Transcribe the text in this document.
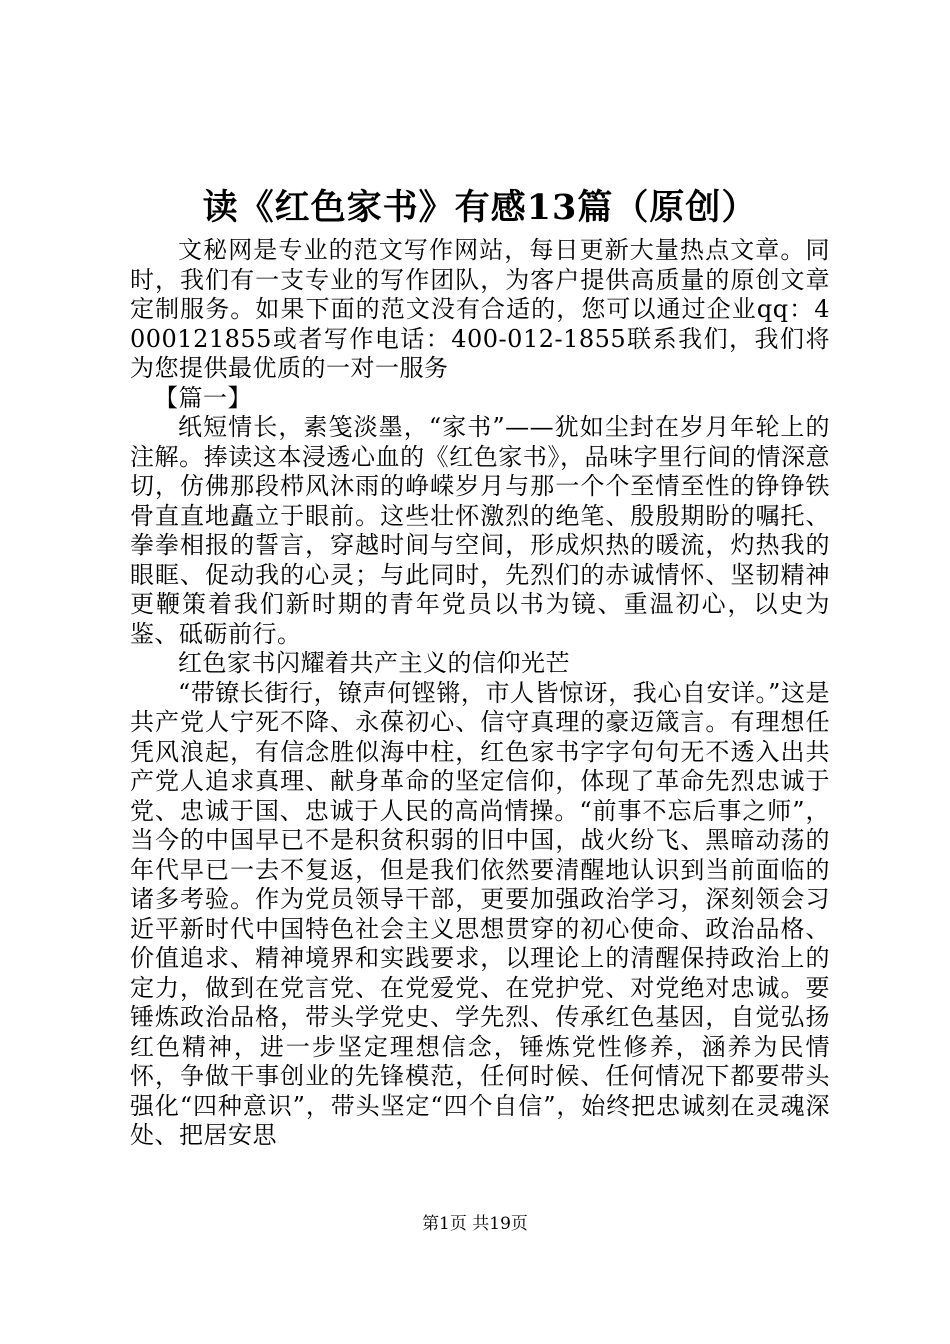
读《红色家书》有感13篇（原创）

文秘网是专业的范文写作网站，每日更新大量热点文章。同时，我们有一支专业的写作团队，为客户提供高质量的原创文章定制服务。如果下面的范文没有合适的，您可以通过企业qq：4000121855或者写作电话：400-012-1855联系我们，我们将为您提供最优质的一对一服务

【篇一】

纸短情长，素笺淡墨，“家书”——犹如尘封在岁月年轮上的注解。捧读这本浸透心血的《红色家书》，品味字里行间的情深意切，仿佛那段栉风沐雨的峥嵘岁月与那一个个至情至性的铮铮铁骨直直地矗立于眼前。这些壮怀激烈的绝笔、殷殷期盼的嘱托、拳拳相报的誓言，穿越时间与空间，形成炽热的暖流，灼热我的眼眶、促动我的心灵；与此同时，先烈们的赤诚情怀、坚韧精神更鞭策着我们新时期的青年党员以书为镜、重温初心，以史为鉴、砥砺前行。

红色家书闪耀着共产主义的信仰光芒

“带镣长街行，镣声何铿锵，市人皆惊讶，我心自安详。”这是共产党人宁死不降、永葆初心、信守真理的豪迈箴言。有理想任凭风浪起，有信念胜似海中柱，红色家书字字句句无不透入出共产党人追求真理、献身革命的坚定信仰，体现了革命先烈忠诚于党、忠诚于国、忠诚于人民的高尚情操。“前事不忘后事之师”，当今的中国早已不是积贫积弱的旧中国，战火纷飞、黑暗动荡的年代早已一去不复返，但是我们依然要清醒地认识到当前面临的诸多考验。作为党员领导干部，更要加强政治学习，深刻领会习近平新时代中国特色社会主义思想贯穿的初心使命、政治品格、价值追求、精神境界和实践要求，以理论上的清醒保持政治上的定力，做到在党言党、在党爱党、在党护党、对党绝对忠诚。要锤炼政治品格，带头学党史、学先烈、传承红色基因，自觉弘扬红色精神，进一步坚定理想信念，锤炼党性修养，涵养为民情怀，争做干事创业的先锋模范，任何时候、任何情况下都要带头强化“四种意识”，带头坚定“四个自信”，始终把忠诚刻在灵魂深处、把居安思

第1页 共19页
